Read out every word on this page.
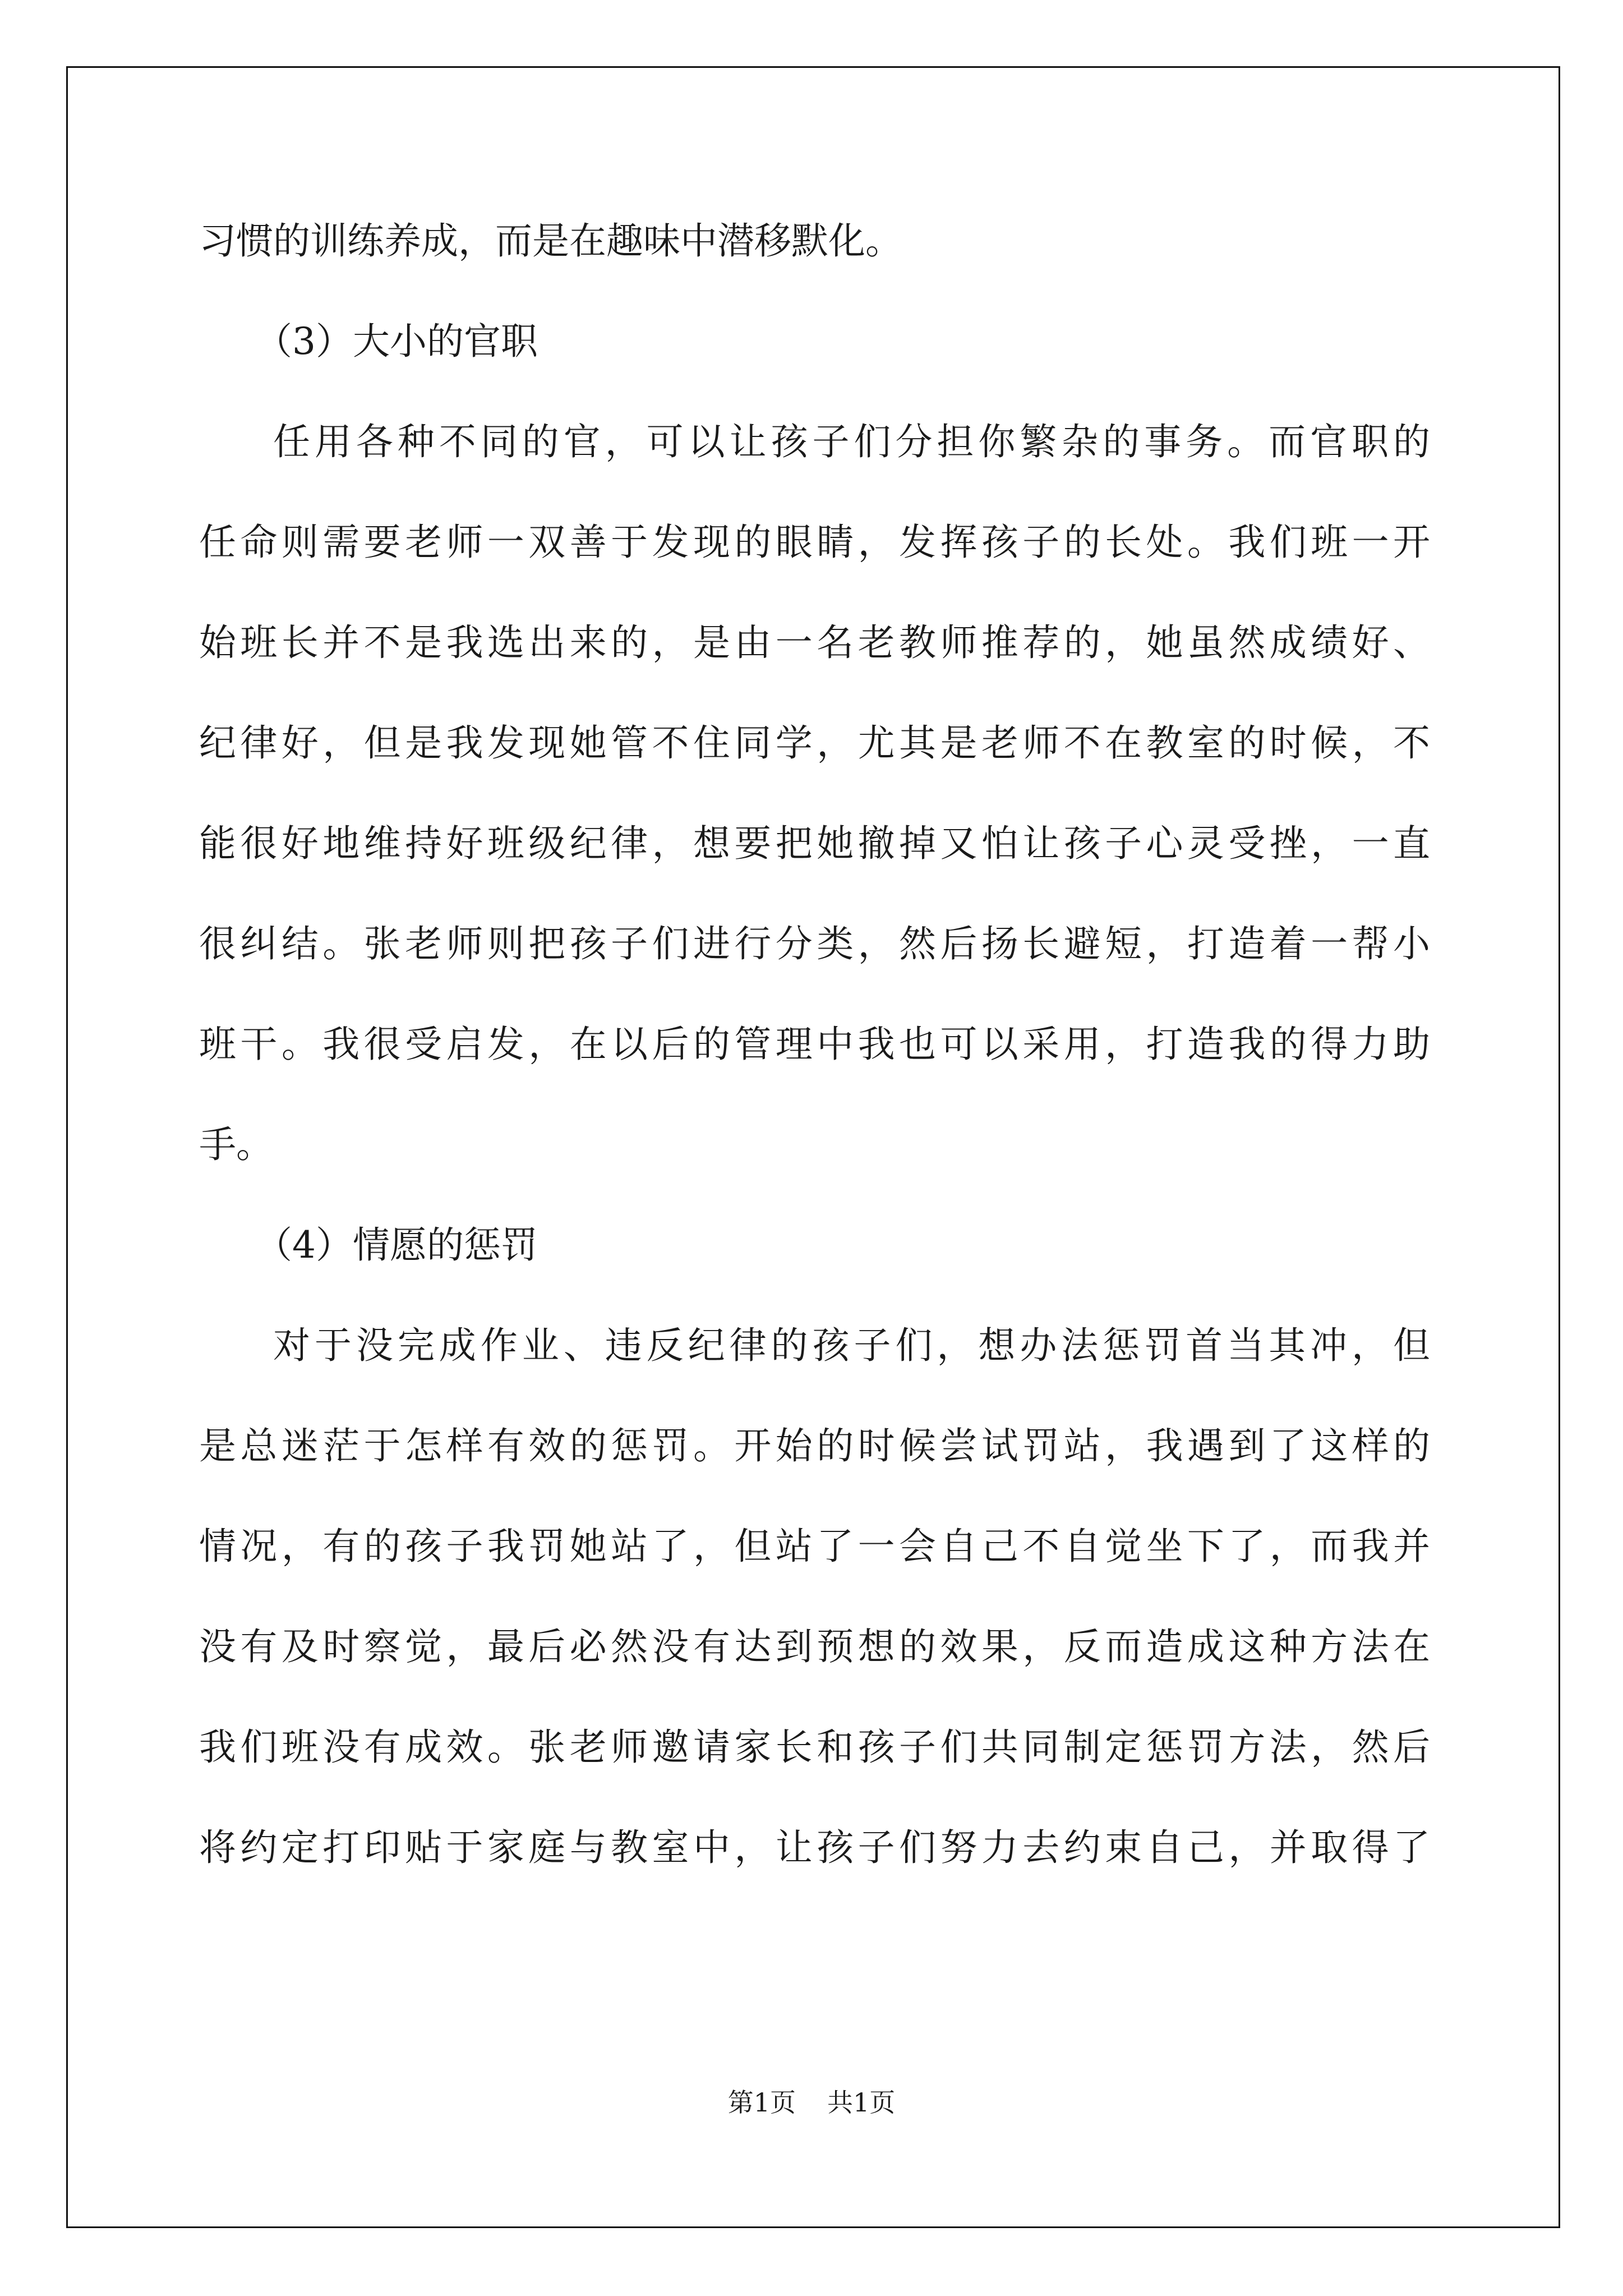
习惯的训练养成，而是在趣味中潜移默化。
（3）大小的官职
任用各种不同的官，可以让孩子们分担你繁杂的事务。而官职的
任命则需要老师一双善于发现的眼睛，发挥孩子的长处。我们班一开
始班长并不是我选出来的，是由一名老教师推荐的，她虽然成绩好、
纪律好，但是我发现她管不住同学，尤其是老师不在教室的时候，不
能很好地维持好班级纪律，想要把她撤掉又怕让孩子心灵受挫，一直
很纠结。张老师则把孩子们进行分类，然后扬长避短，打造着一帮小
班干。我很受启发，在以后的管理中我也可以采用，打造我的得力助
手。
（4）情愿的惩罚
对于没完成作业、违反纪律的孩子们，想办法惩罚首当其冲，但
是总迷茫于怎样有效的惩罚。开始的时候尝试罚站，我遇到了这样的
情况，有的孩子我罚她站了，但站了一会自己不自觉坐下了，而我并
没有及时察觉，最后必然没有达到预想的效果，反而造成这种方法在
我们班没有成效。张老师邀请家长和孩子们共同制定惩罚方法，然后
将约定打印贴于家庭与教室中，让孩子们努力去约束自己，并取得了
第1页 共1页
